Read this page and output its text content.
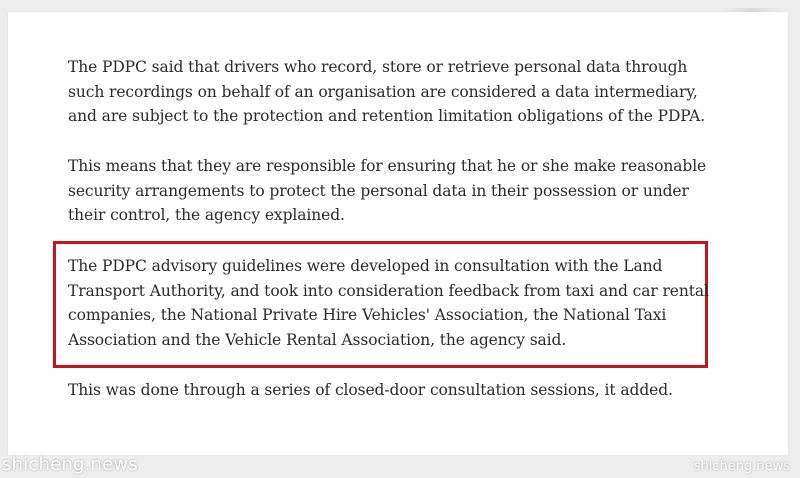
The PDPC said that drivers who record, store or retrieve personal data through such recordings on behalf of an organisation are considered a data intermediary, and are subject to the protection and retention limitation obligations of the PDPA.

This means that they are responsible for ensuring that he or she make reasonable security arrangements to protect the personal data in their possession or under their control, the agency explained.

The PDPC advisory guidelines were developed in consultation with the Land Transport Authority, and took into consideration feedback from taxi and car rental companies, the National Private Hire Vehicles' Association, the National Taxi Association and the Vehicle Rental Association, the agency said.

This was done through a series of closed-door consultation sessions, it added.

shicheng.news	shicheng.news
